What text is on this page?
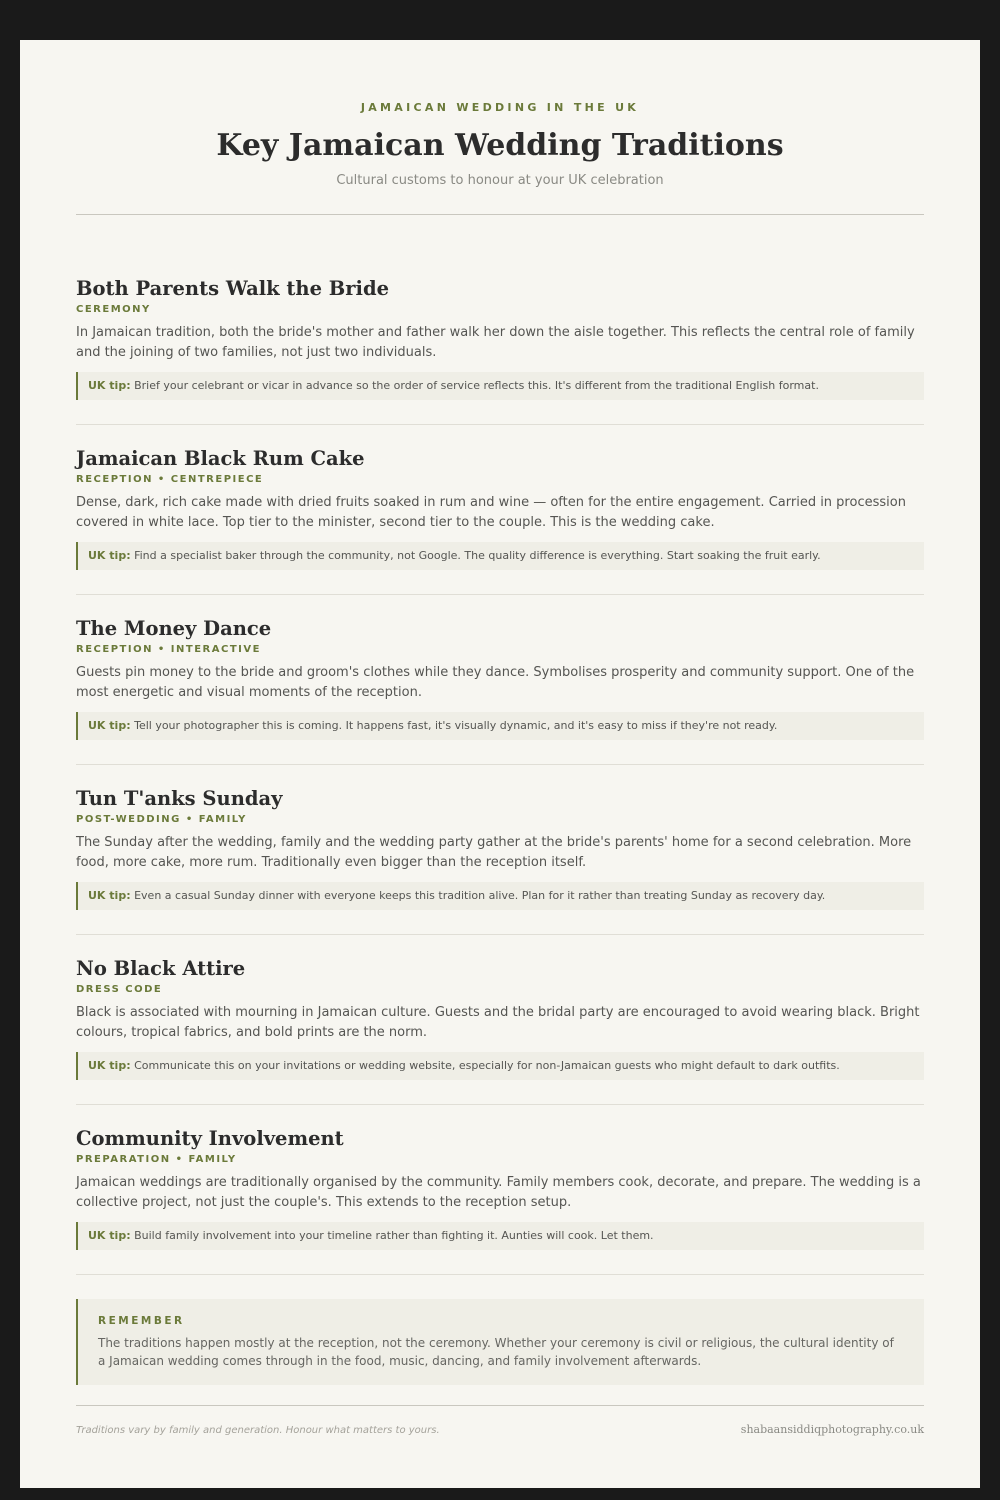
JAMAICAN WEDDING IN THE UK
Key Jamaican Wedding Traditions
Cultural customs to honour at your UK celebration
Both Parents Walk the Bride
CEREMONY
In Jamaican tradition, both the bride's mother and father walk her down the aisle together. This reflects the central role of family and the joining of two families, not just two individuals.
UK tip: Brief your celebrant or vicar in advance so the order of service reflects this. It's different from the traditional English format.
Jamaican Black Rum Cake
RECEPTION • CENTREPIECE
Dense, dark, rich cake made with dried fruits soaked in rum and wine — often for the entire engagement. Carried in procession covered in white lace. Top tier to the minister, second tier to the couple. This is the wedding cake.
UK tip: Find a specialist baker through the community, not Google. The quality difference is everything. Start soaking the fruit early.
The Money Dance
RECEPTION • INTERACTIVE
Guests pin money to the bride and groom's clothes while they dance. Symbolises prosperity and community support. One of the most energetic and visual moments of the reception.
UK tip: Tell your photographer this is coming. It happens fast, it's visually dynamic, and it's easy to miss if they're not ready.
Tun T'anks Sunday
POST-WEDDING • FAMILY
The Sunday after the wedding, family and the wedding party gather at the bride's parents' home for a second celebration. More food, more cake, more rum. Traditionally even bigger than the reception itself.
UK tip: Even a casual Sunday dinner with everyone keeps this tradition alive. Plan for it rather than treating Sunday as recovery day.
No Black Attire
DRESS CODE
Black is associated with mourning in Jamaican culture. Guests and the bridal party are encouraged to avoid wearing black. Bright colours, tropical fabrics, and bold prints are the norm.
UK tip: Communicate this on your invitations or wedding website, especially for non-Jamaican guests who might default to dark outfits.
Community Involvement
PREPARATION • FAMILY
Jamaican weddings are traditionally organised by the community. Family members cook, decorate, and prepare. The wedding is a collective project, not just the couple's. This extends to the reception setup.
UK tip: Build family involvement into your timeline rather than fighting it. Aunties will cook. Let them.
REMEMBER
The traditions happen mostly at the reception, not the ceremony. Whether your ceremony is civil or religious, the cultural identity of a Jamaican wedding comes through in the food, music, dancing, and family involvement afterwards.
Traditions vary by family and generation. Honour what matters to yours.	shabaansiddiqphotography.co.uk
